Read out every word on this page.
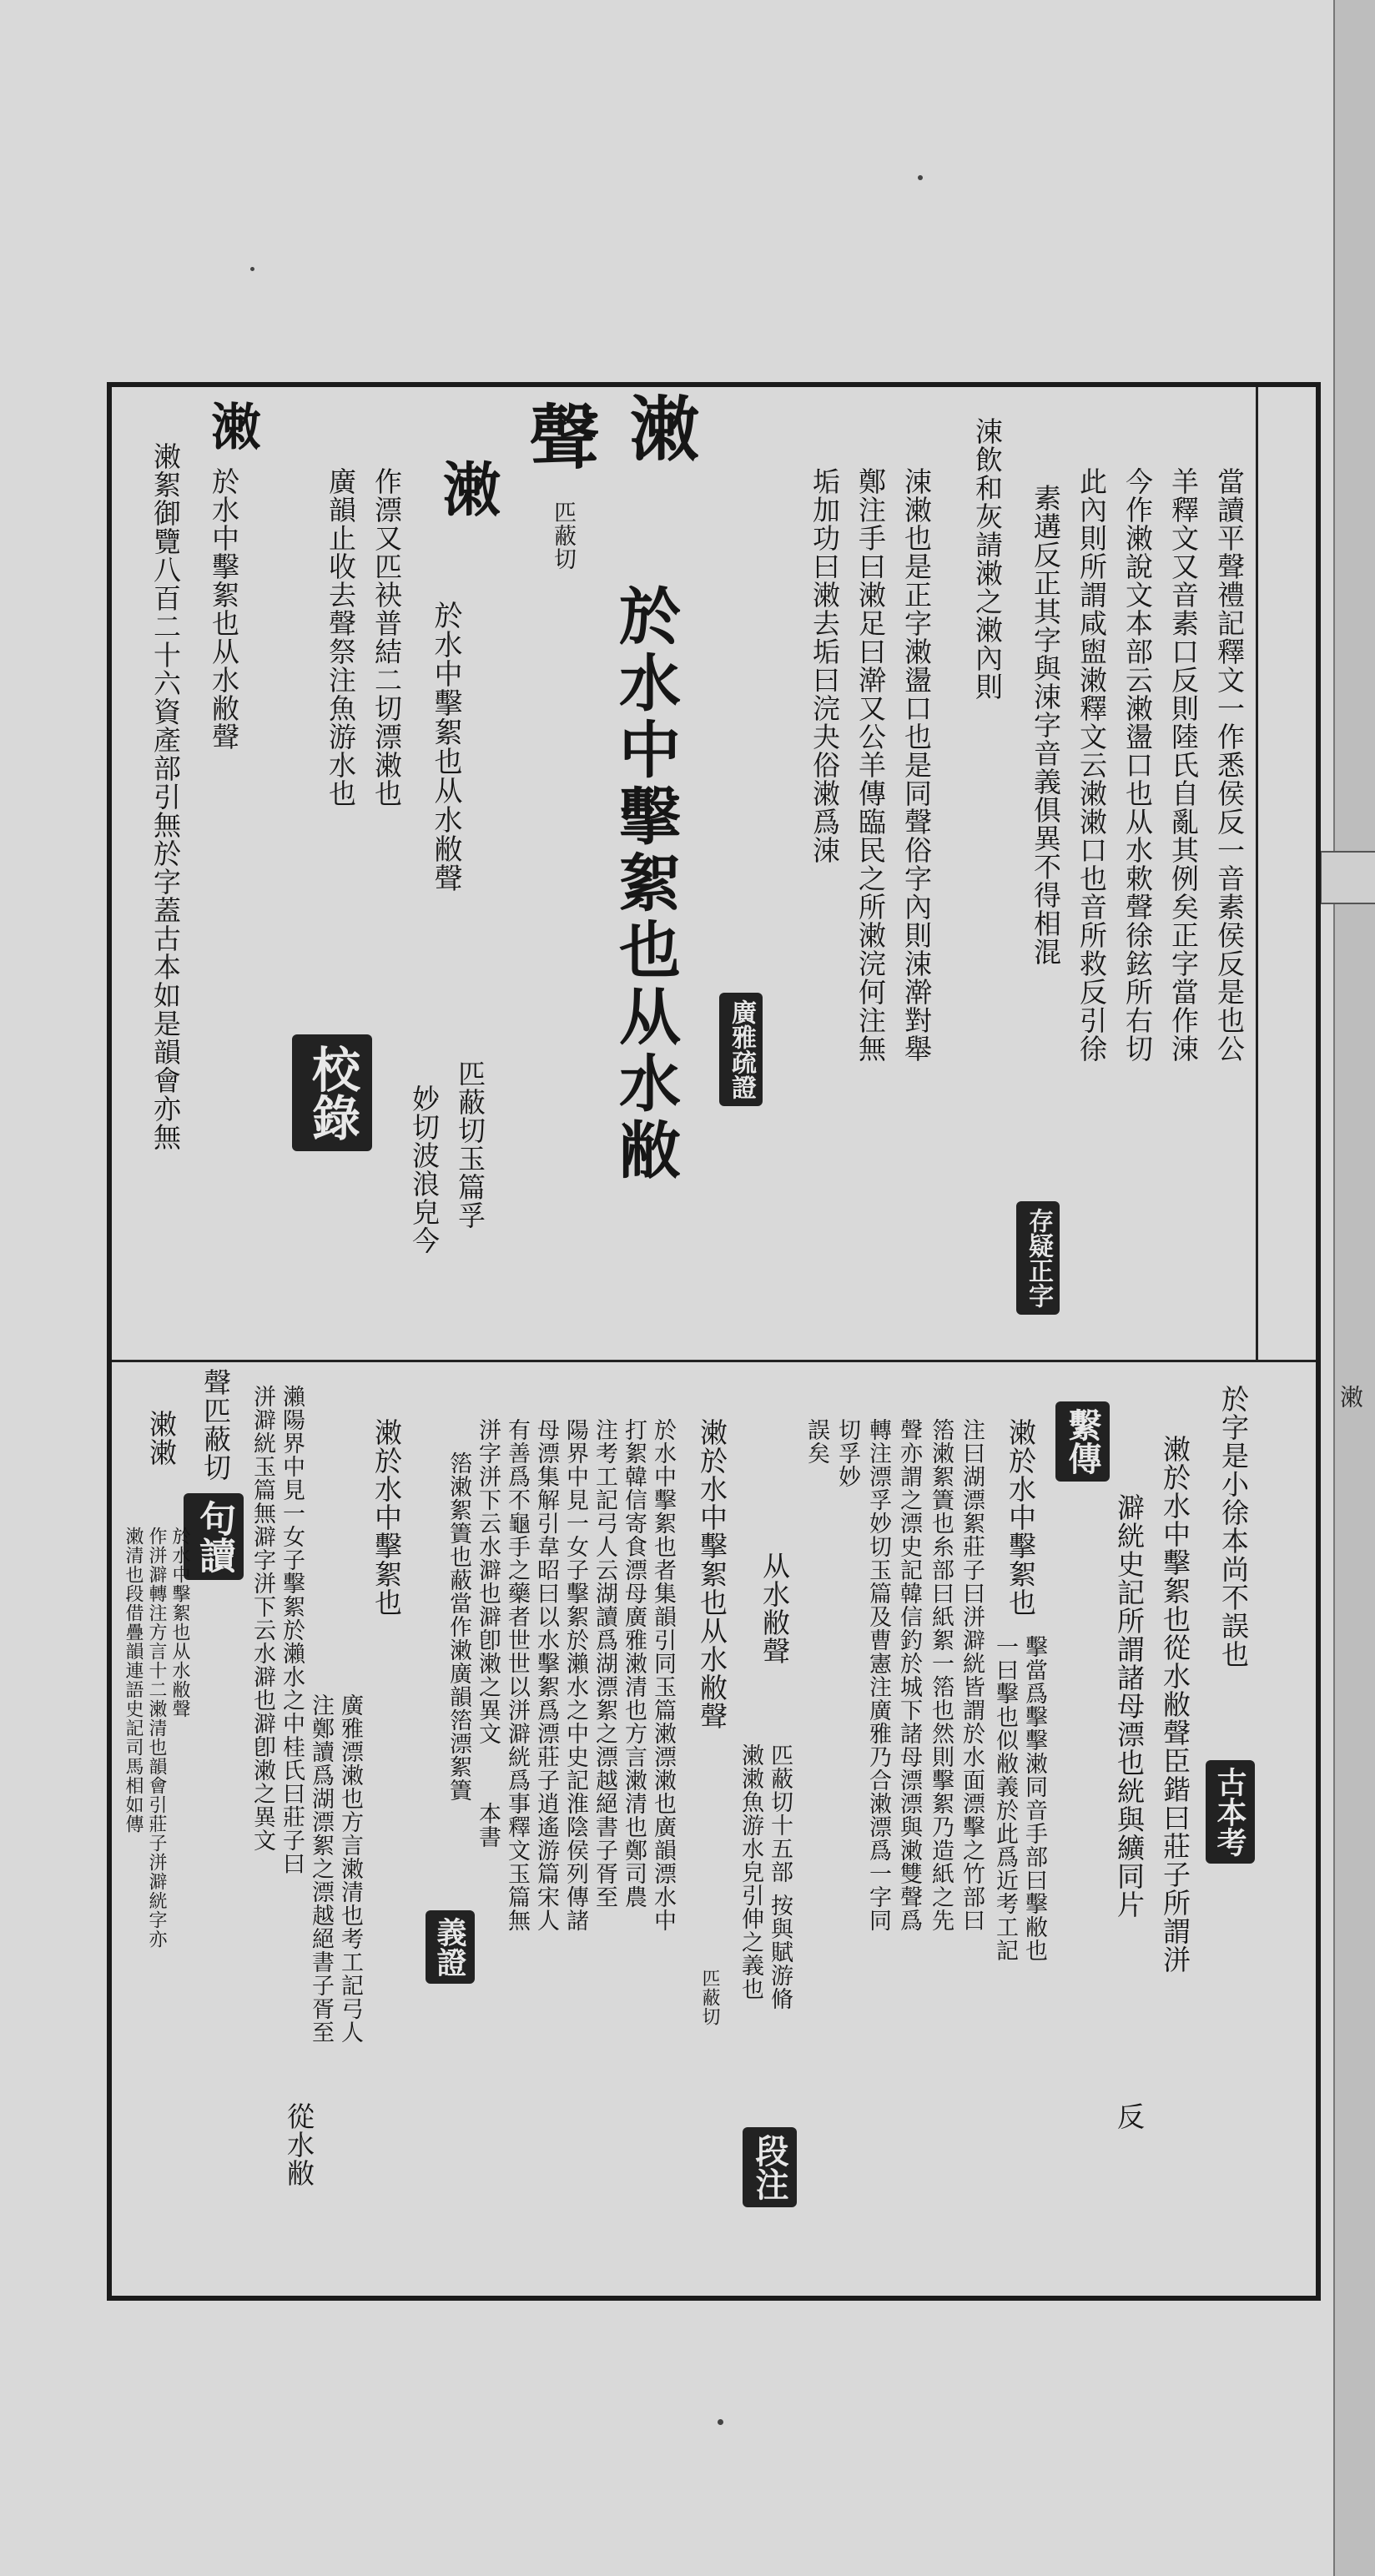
潄
當讀平聲禮記釋文一作悉侯反一音素侯反是也公
羊釋文又音素口反則陸氏自亂其例矣正字當作涑
今作潄說文本部云潄盪口也从水欶聲徐鉉所右切
此內則所謂咸盥潄釋文云潄潄口也音所救反引徐
素遘反正其字與涑字音義俱異不得相混
存疑正字
涑飲和灰請潄之潄內則
涑潄也是正字潄盪口也是同聲俗字內則涑澣對舉
鄭注手曰潄足曰澣又公羊傳臨民之所潄浣何注無
垢加功曰潄去垢曰浣夬俗潄爲涑
廣雅疏證
潄
於水中擊絮也从水敝
聲
匹蔽切
潄
於水中擊絮也从水敝聲
匹蔽切玉篇孚
作漂又匹袂普結二切漂潄也
妙切波浪皃今
廣韻止收去聲祭注魚游水也
校錄
潄
於水中擊絮也从水敝聲
潄絮御覽八百二十六資產部引無於字蓋古本如是韻會亦無
於字是小徐本尚不誤也
古本考
潄於水中擊絮也從水敝聲臣鍇曰莊子所謂洴
澼絖史記所謂諸母漂也絖與纊同片
反
繫傳
潄於水中擊絮也
擊當爲擊擊潄同音手部曰擊敝也
一曰擊也似敝義於此爲近考工記
注曰湖漂絮莊子曰洴澼絖皆謂於水面漂擊之竹部曰
箈潄絮簀也糸部曰紙絮一箈也然則擊絮乃造紙之先
聲亦謂之漂史記韓信釣於城下諸母漂漂與潄雙聲爲
轉注漂孚妙切玉篇及曹憲注廣雅乃合潄漂爲一字同
切孚妙
从水敝聲
匹蔽切十五部
按與賦游脩
誤矣
潄潄魚游水皃引伸之義也
段注
潄於水中擊絮也从水敝聲
匹蔽切
於水中擊絮也者集韻引同玉篇潄漂潄也廣韻漂水中
打絮韓信寄食漂母廣雅潄清也方言潄清也鄭司農
注考工記弓人云湖讀爲湖漂絮之漂越絕書子胥至
陽界中見一女子擊絮於瀨水之中史記淮陰侯列傳諸
母漂集解引韋昭曰以水擊絮爲漂莊子逍遙游篇宋人
有善爲不龜手之藥者世世以洴澼絖爲事釋文玉篇無
洴字洴下云水澼也澼卽潄之異文
本書
箈潄絮簀也蔽當作潄廣韻箈漂絮簀
義證
潄於水中擊絮也
廣雅漂潄也方言潄清也考工記弓人
注鄭讀爲湖漂絮之漂越絕書子胥至
瀨陽界中見一女子擊絮於瀨水之中桂氏曰莊子曰
洴澼絖玉篇無澼字洴下云水澼也澼卽潄之異文
從水敝
聲匹蔽切
句讀
潄潄
於水中擊絮也从水敝聲
作洴澼轉注方言十二潄清也韻會引莊子洴澼絖字亦
潄清也段借疊韻連語史記司馬相如傳
